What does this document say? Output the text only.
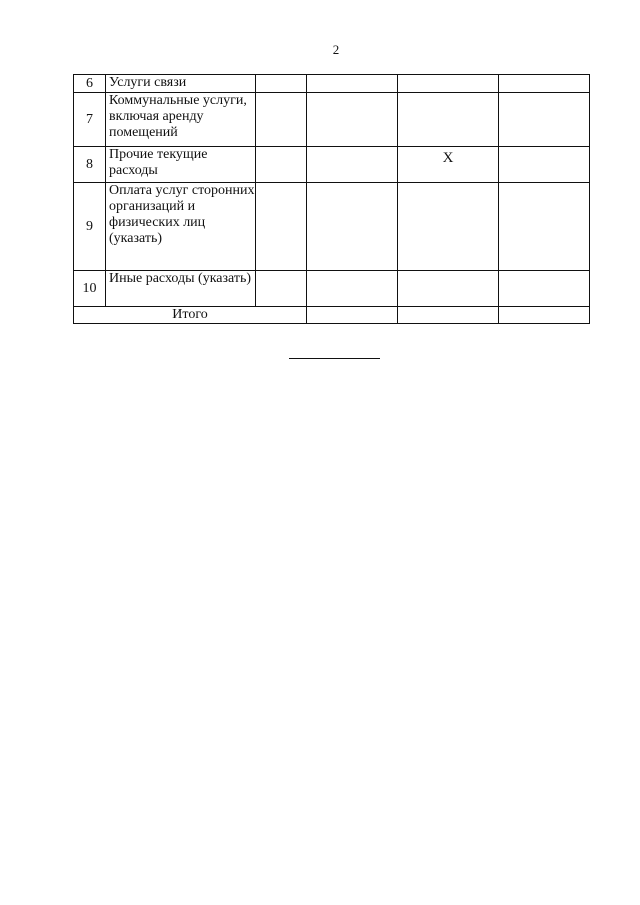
2
6	Услуги связи				
7	Коммунальные услуги, включая аренду помещений				
8	Прочие текущие расходы			X	
9	Оплата услуг сторонних организаций и физических лиц (указать)				
10	Иные расходы (указать)				
Итого					
